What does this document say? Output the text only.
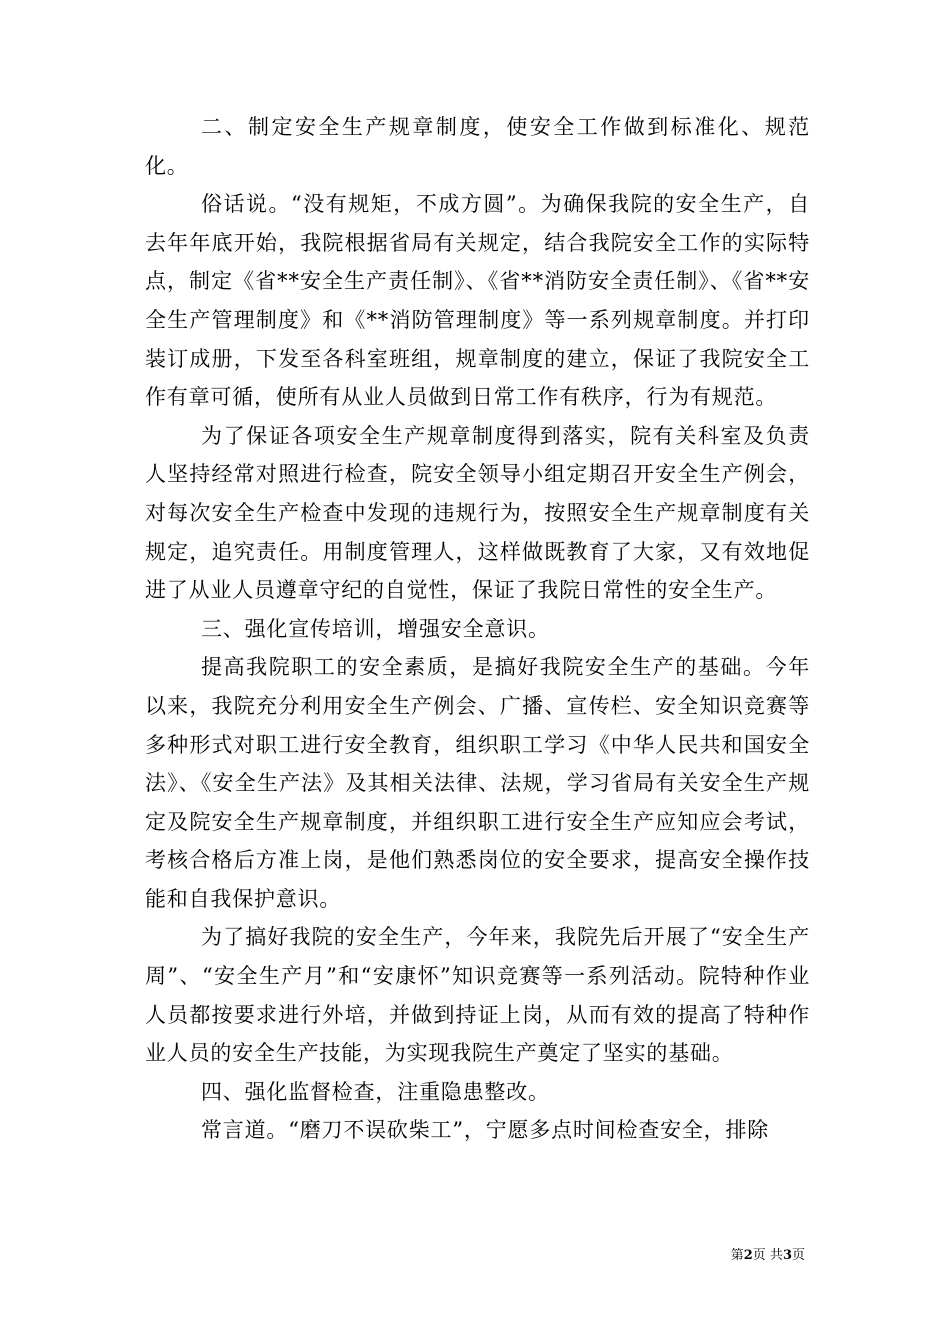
二、制定安全生产规章制度，使安全工作做到标准化、规范化。

俗话说。“没有规矩，不成方圆”。为确保我院的安全生产，自去年年底开始，我院根据省局有关规定，结合我院安全工作的实际特点，制定《省**安全生产责任制》、《省**消防安全责任制》、《省**安全生产管理制度》和《**消防管理制度》等一系列规章制度。并打印装订成册，下发至各科室班组，规章制度的建立，保证了我院安全工作有章可循，使所有从业人员做到日常工作有秩序，行为有规范。

为了保证各项安全生产规章制度得到落实，院有关科室及负责人坚持经常对照进行检查，院安全领导小组定期召开安全生产例会，对每次安全生产检查中发现的违规行为，按照安全生产规章制度有关规定，追究责任。用制度管理人，这样做既教育了大家，又有效地促进了从业人员遵章守纪的自觉性，保证了我院日常性的安全生产。

三、强化宣传培训，增强安全意识。

提高我院职工的安全素质，是搞好我院安全生产的基础。今年以来，我院充分利用安全生产例会、广播、宣传栏、安全知识竞赛等多种形式对职工进行安全教育，组织职工学习《中华人民共和国安全法》、《安全生产法》及其相关法律、法规，学习省局有关安全生产规定及院安全生产规章制度，并组织职工进行安全生产应知应会考试，考核合格后方准上岗，是他们熟悉岗位的安全要求，提高安全操作技能和自我保护意识。

为了搞好我院的安全生产，今年来，我院先后开展了“安全生产周”、“安全生产月”和“安康怀”知识竞赛等一系列活动。院特种作业人员都按要求进行外培，并做到持证上岗，从而有效的提高了特种作业人员的安全生产技能，为实现我院生产奠定了坚实的基础。

四、强化监督检查，注重隐患整改。

常言道。“磨刀不误砍柴工”，宁愿多点时间检查安全，排除

第2页 共3页
